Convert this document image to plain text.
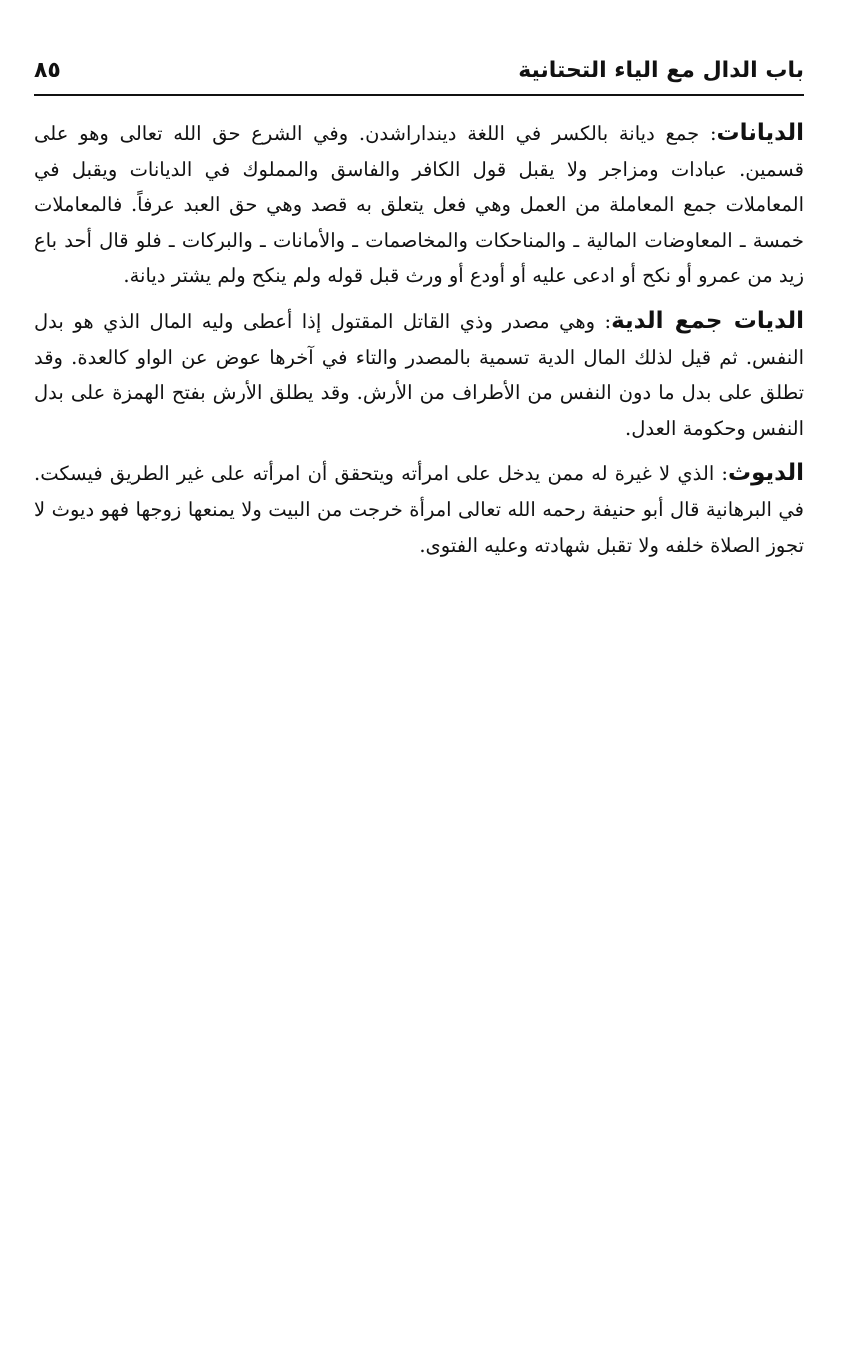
باب الدال مع الياء التحتانية
٨٥

الديانات: جمع ديانة بالكسر في اللغة دينداراشدن. وفي الشرع حق الله تعالى وهو على قسمين. عبادات ومزاجر ولا يقبل قول الكافر والفاسق والمملوك في الديانات ويقبل في المعاملات جمع المعاملة من العمل وهي فعل يتعلق به قصد وهي حق العبد عرفاً. فالمعاملات خمسة ـ المعاوضات المالية ـ والمناحكات والمخاصمات ـ والأمانات ـ والبركات ـ فلو قال أحد باع زيد من عمرو أو نكح أو ادعى عليه أو أودع أو ورث قبل قوله ولم ينكح ولم يشتر ديانة.

الديات جمع الدية: وهي مصدر وذي القاتل المقتول إذا أعطى وليه المال الذي هو بدل النفس. ثم قيل لذلك المال الدية تسمية بالمصدر والتاء في آخرها عوض عن الواو كالعدة. وقد تطلق على بدل ما دون النفس من الأطراف من الأرش. وقد يطلق الأرش بفتح الهمزة على بدل النفس وحكومة العدل.

الديوث: الذي لا غيرة له ممن يدخل على امرأته ويتحقق أن امرأته على غير الطريق فيسكت. في البرهانية قال أبو حنيفة رحمه الله تعالى امرأة خرجت من البيت ولا يمنعها زوجها فهو ديوث لا تجوز الصلاة خلفه ولا تقبل شهادته وعليه الفتوى.
